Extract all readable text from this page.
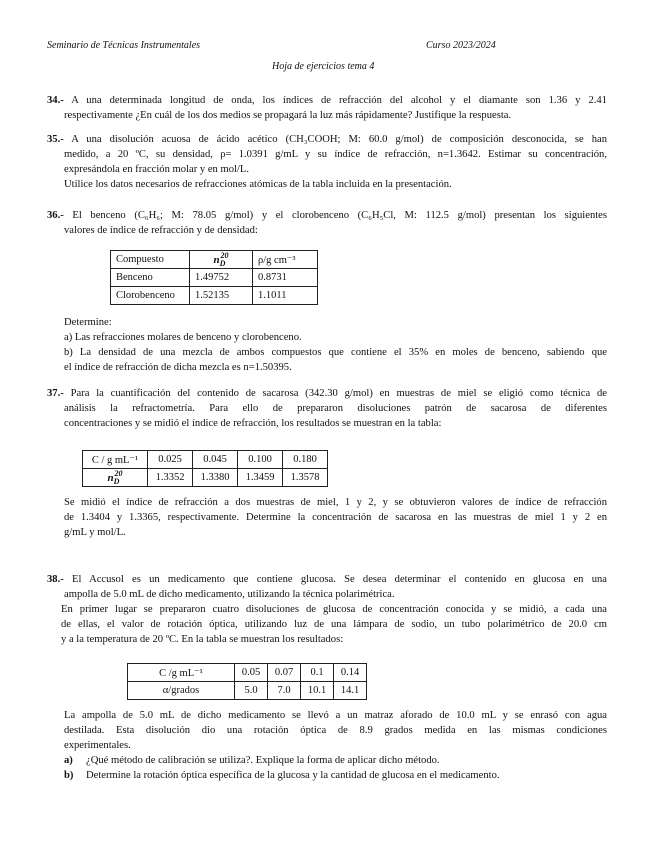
Seminario de Técnicas Instrumentales	Curso 2023/2024
Hoja de ejercicios tema 4
34.- A una determinada longitud de onda, los índices de refracción del alcohol y el diamante son 1.36 y 2.41
respectivamente ¿En cuál de los dos medios se propagará la luz más rápidamente? Justifique la respuesta.
35.- A una disolución acuosa de ácido acético (CH₃COOH; M: 60.0 g/mol) de composición desconocida, se han
medido, a 20 ºC, su densidad, ρ= 1.0391 g/mL y su índice de refracción, n=1.3642. Estimar su concentración,
expresándola en fracción molar y en mol/L.
Utilice los datos necesarios de refracciones atómicas de la tabla incluida en la presentación.
36.- El benceno (C₆H₆; M: 78.05 g/mol) y el clorobenceno (C₆H₅Cl, M: 112.5 g/mol) presentan los siguientes
valores de índice de refracción y de densidad:
Compuesto	$n_D^{20}$	ρ/g cm⁻³
Benceno	1.49752	0.8731
Clorobenceno	1.52135	1.1011
Determine:
a) Las refracciones molares de benceno y clorobenceno.
b) La densidad de una mezcla de ambos compuestos que contiene el 35% en moles de benceno, sabiendo que
el índice de refracción de dicha mezcla es n=1.50395.
37.- Para la cuantificación del contenido de sacarosa (342.30 g/mol) en muestras de miel se eligió como técnica de
análisis la refractometría. Para ello de prepararon disoluciones patrón de sacarosa de diferentes
concentraciones y se midió el índice de refracción, los resultados se muestran en la tabla:
C / g mL⁻¹	0.025	0.045	0.100	0.180
$n_D^{20}$	1.3352	1.3380	1.3459	1.3578
Se midió el índice de refracción a dos muestras de miel, 1 y 2, y se obtuvieron valores de índice de refracción
de 1.3404 y 1.3365, respectivamente. Determine la concentración de sacarosa en las muestras de miel 1 y 2 en
g/mL y mol/L.
38.- El Accusol es un medicamento que contiene glucosa. Se desea determinar el contenido en glucosa en una
ampolla de 5.0 mL de dicho medicamento, utilizando la técnica polarimétrica.
En primer lugar se prepararon cuatro disoluciones de glucosa de concentración conocida y se midió, a cada una
de ellas, el valor de rotación óptica, utilizando luz de una lámpara de sodio, un tubo polarimétrico de 20.0 cm
y a la temperatura de 20 ºC. En la tabla se muestran los resultados:
C /g mL⁻¹	0.05	0.07	0.1	0.14
α/grados	5.0	7.0	10.1	14.1
La ampolla de 5.0 mL de dicho medicamento se llevó a un matraz aforado de 10.0 mL y se enrasó con agua
destilada. Esta disolución dio una rotación óptica de 8.9 grados medida en las mismas condiciones
experimentales.
a) ¿Qué método de calibración se utiliza?. Explique la forma de aplicar dicho método.
b) Determine la rotación óptica específica de la glucosa y la cantidad de glucosa en el medicamento.
